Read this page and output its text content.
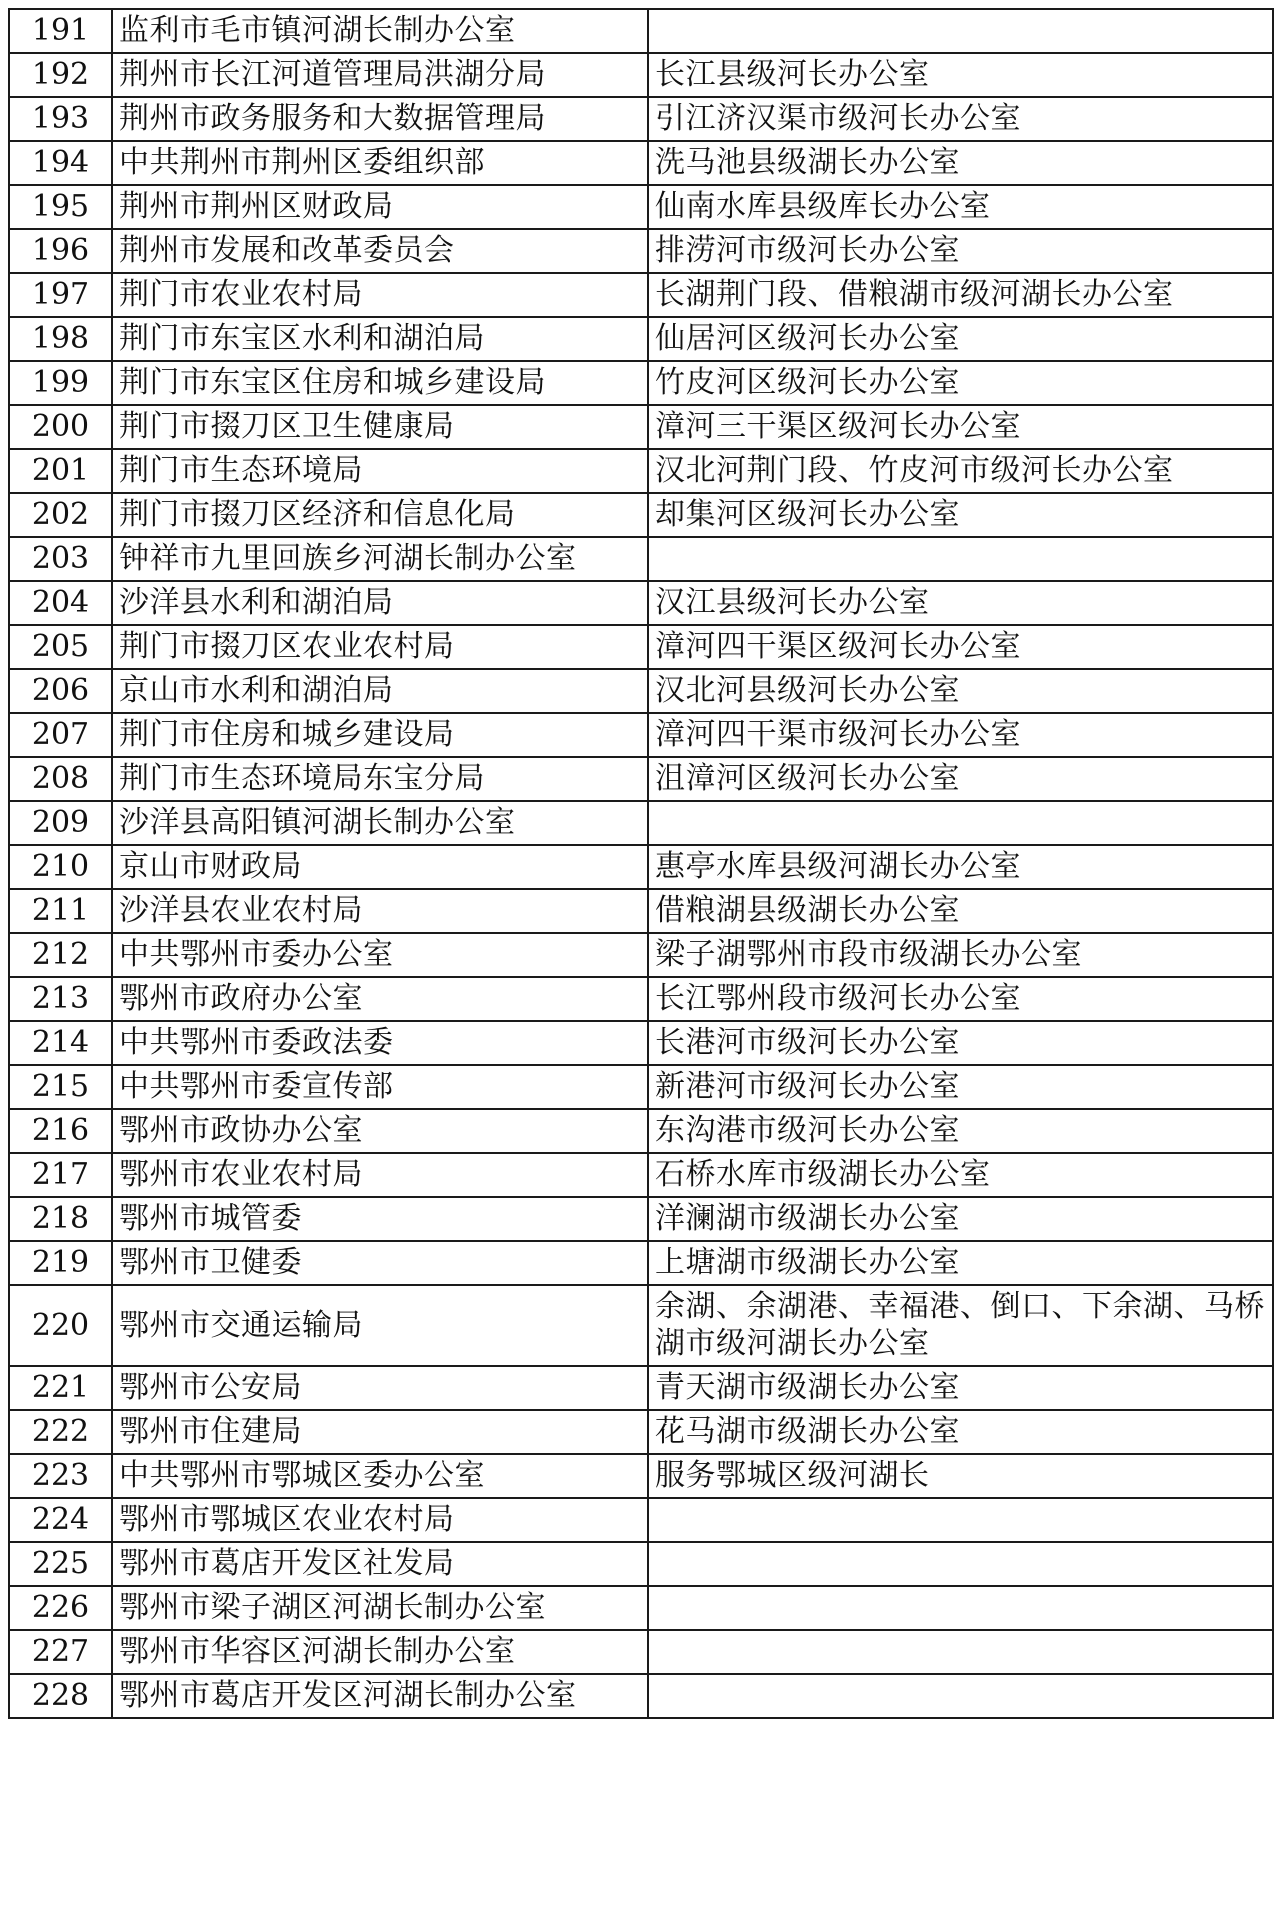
191	监利市毛市镇河湖长制办公室	
192	荆州市长江河道管理局洪湖分局	长江县级河长办公室
193	荆州市政务服务和大数据管理局	引江济汉渠市级河长办公室
194	中共荆州市荆州区委组织部	洗马池县级湖长办公室
195	荆州市荆州区财政局	仙南水库县级库长办公室
196	荆州市发展和改革委员会	排涝河市级河长办公室
197	荆门市农业农村局	长湖荆门段、借粮湖市级河湖长办公室
198	荆门市东宝区水利和湖泊局	仙居河区级河长办公室
199	荆门市东宝区住房和城乡建设局	竹皮河区级河长办公室
200	荆门市掇刀区卫生健康局	漳河三干渠区级河长办公室
201	荆门市生态环境局	汉北河荆门段、竹皮河市级河长办公室
202	荆门市掇刀区经济和信息化局	却集河区级河长办公室
203	钟祥市九里回族乡河湖长制办公室	
204	沙洋县水利和湖泊局	汉江县级河长办公室
205	荆门市掇刀区农业农村局	漳河四干渠区级河长办公室
206	京山市水利和湖泊局	汉北河县级河长办公室
207	荆门市住房和城乡建设局	漳河四干渠市级河长办公室
208	荆门市生态环境局东宝分局	沮漳河区级河长办公室
209	沙洋县高阳镇河湖长制办公室	
210	京山市财政局	惠亭水库县级河湖长办公室
211	沙洋县农业农村局	借粮湖县级湖长办公室
212	中共鄂州市委办公室	梁子湖鄂州市段市级湖长办公室
213	鄂州市政府办公室	长江鄂州段市级河长办公室
214	中共鄂州市委政法委	长港河市级河长办公室
215	中共鄂州市委宣传部	新港河市级河长办公室
216	鄂州市政协办公室	东沟港市级河长办公室
217	鄂州市农业农村局	石桥水库市级湖长办公室
218	鄂州市城管委	洋澜湖市级湖长办公室
219	鄂州市卫健委	上塘湖市级湖长办公室
220	鄂州市交通运输局	余湖、余湖港、幸福港、倒口、下余湖、马桥湖市级河湖长办公室
221	鄂州市公安局	青天湖市级湖长办公室
222	鄂州市住建局	花马湖市级湖长办公室
223	中共鄂州市鄂城区委办公室	服务鄂城区级河湖长
224	鄂州市鄂城区农业农村局	
225	鄂州市葛店开发区社发局	
226	鄂州市梁子湖区河湖长制办公室	
227	鄂州市华容区河湖长制办公室	
228	鄂州市葛店开发区河湖长制办公室	
